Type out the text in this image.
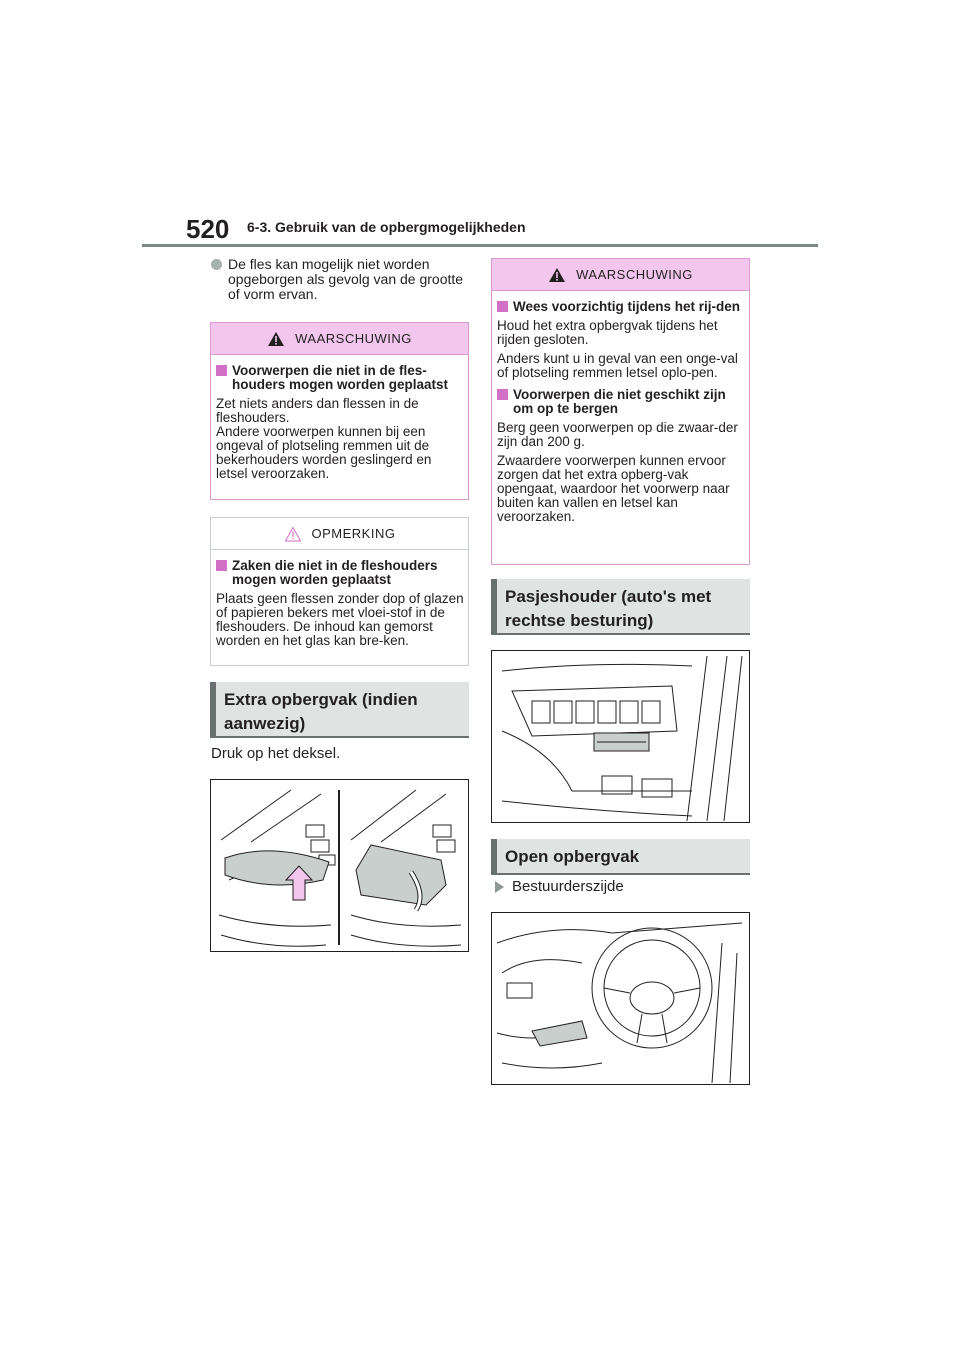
520 6-3. Gebruik van de opbergmogelijkheden
De fles kan mogelijk niet worden opgeborgen als gevolg van de grootte of vorm ervan.
WAARSCHUWING
Voorwerpen die niet in de fles-houders mogen worden geplaatst
Zet niets anders dan flessen in de fleshouders.
Andere voorwerpen kunnen bij een ongeval of plotseling remmen uit de bekerhouders worden geslingerd en letsel veroorzaken.
OPMERKING
Zaken die niet in de fleshouders mogen worden geplaatst
Plaats geen flessen zonder dop of glazen of papieren bekers met vloei-stof in de fleshouders. De inhoud kan gemorst worden en het glas kan bre-ken.
Extra opbergvak (indien aanwezig)
Druk op het deksel.
WAARSCHUWING
Wees voorzichtig tijdens het rij-den
Houd het extra opbergvak tijdens het rijden gesloten.
Anders kunt u in geval van een onge-val of plotseling remmen letsel oplo-pen.
Voorwerpen die niet geschikt zijn om op te bergen
Berg geen voorwerpen op die zwaar-der zijn dan 200 g.
Zwaardere voorwerpen kunnen ervoor zorgen dat het extra opberg-vak opengaat, waardoor het voorwerp naar buiten kan vallen en letsel kan veroorzaken.
Pasjeshouder (auto's met rechtse besturing)
Open opbergvak
Bestuurderszijde
